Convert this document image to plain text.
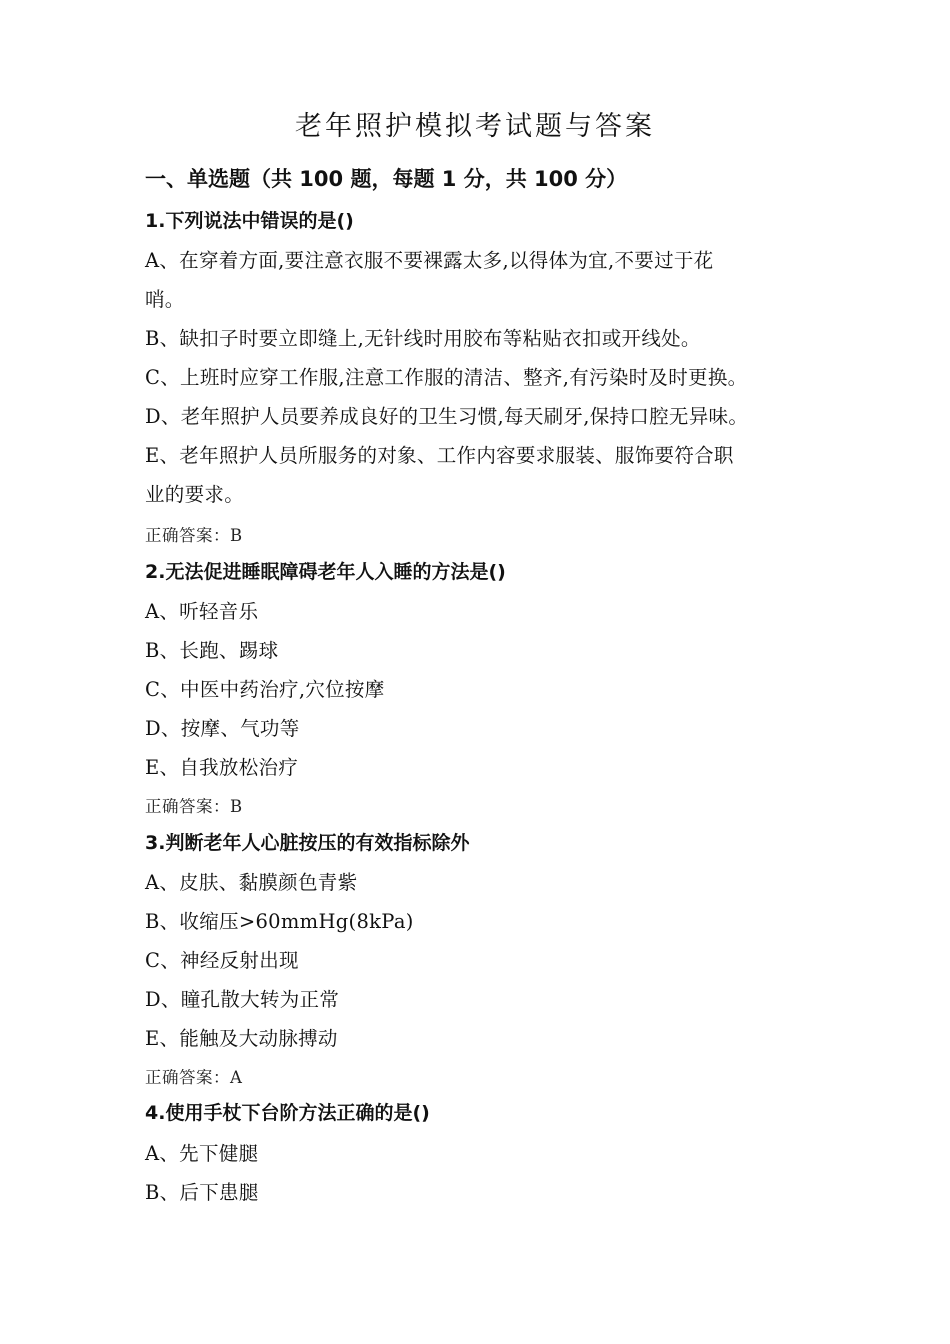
老年照护模拟考试题与答案
一、单选题（共 100 题，每题 1 分，共 100 分）
1.下列说法中错误的是()
A、在穿着方面,要注意衣服不要裸露太多,以得体为宜,不要过于花
哨。
B、缺扣子时要立即缝上,无针线时用胶布等粘贴衣扣或开线处。
C、上班时应穿工作服,注意工作服的清洁、整齐,有污染时及时更换。
D、老年照护人员要养成良好的卫生习惯,每天刷牙,保持口腔无异味。
E、老年照护人员所服务的对象、工作内容要求服装、服饰要符合职
业的要求。
正确答案：B
2.无法促进睡眠障碍老年人入睡的方法是()
A、听轻音乐
B、长跑、踢球
C、中医中药治疗,穴位按摩
D、按摩、气功等
E、自我放松治疗
正确答案：B
3.判断老年人心脏按压的有效指标除外
A、皮肤、黏膜颜色青紫
B、收缩压>60mmHg(8kPa)
C、神经反射出现
D、瞳孔散大转为正常
E、能触及大动脉搏动
正确答案：A
4.使用手杖下台阶方法正确的是()
A、先下健腿
B、后下患腿
